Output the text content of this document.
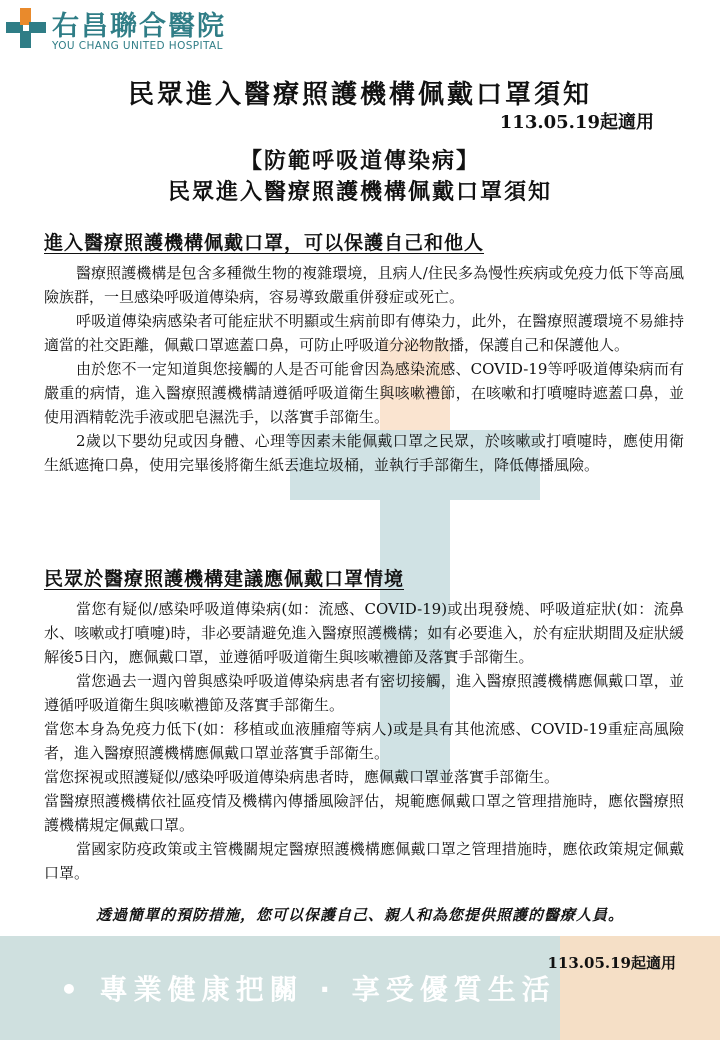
右昌聯合醫院
YOU CHANG UNITED HOSPITAL
民眾進入醫療照護機構佩戴口罩須知
113.05.19起適用
【防範呼吸道傳染病】
民眾進入醫療照護機構佩戴口罩須知
進入醫療照護機構佩戴口罩，可以保護自己和他人

醫療照護機構是包含多種微生物的複雜環境，且病人/住民多為慢性疾病或免疫力低下等高風險族群，一旦感染呼吸道傳染病，容易導致嚴重併發症或死亡。

呼吸道傳染病感染者可能症狀不明顯或生病前即有傳染力，此外，在醫療照護環境不易維持適當的社交距離，佩戴口罩遮蓋口鼻，可防止呼吸道分泌物散播，保護自己和保護他人。

由於您不一定知道與您接觸的人是否可能會因為感染流感、COVID-19等呼吸道傳染病而有嚴重的病情，進入醫療照護機構請遵循呼吸道衛生與咳嗽禮節，在咳嗽和打噴嚏時遮蓋口鼻，並使用酒精乾洗手液或肥皂濕洗手，以落實手部衛生。

2歲以下嬰幼兒或因身體、心理等因素未能佩戴口罩之民眾，於咳嗽或打噴嚏時，應使用衛生紙遮掩口鼻，使用完畢後將衛生紙丟進垃圾桶，並執行手部衛生，降低傳播風險。

民眾於醫療照護機構建議應佩戴口罩情境

當您有疑似/感染呼吸道傳染病(如：流感、COVID-19)或出現發燒、呼吸道症狀(如：流鼻水、咳嗽或打噴嚏)時，非必要請避免進入醫療照護機構；如有必要進入，於有症狀期間及症狀緩解後5日內，應佩戴口罩，並遵循呼吸道衛生與咳嗽禮節及落實手部衛生。

當您過去一週內曾與感染呼吸道傳染病患者有密切接觸，進入醫療照護機構應佩戴口罩，並遵循呼吸道衛生與咳嗽禮節及落實手部衛生。

當您本身為免疫力低下(如：移植或血液腫瘤等病人)或是具有其他流感、COVID-19重症高風險者，進入醫療照護機構應佩戴口罩並落實手部衛生。

當您探視或照護疑似/感染呼吸道傳染病患者時，應佩戴口罩並落實手部衛生。

當醫療照護機構依社區疫情及機構內傳播風險評估，規範應佩戴口罩之管理措施時，應依醫療照護機構規定佩戴口罩。

當國家防疫政策或主管機關規定醫療照護機構應佩戴口罩之管理措施時，應依政策規定佩戴口罩。

透過簡單的預防措施，您可以保護自己、親人和為您提供照護的醫療人員。
113.05.19起適用
• 專業健康把關 · 享受優質生活
